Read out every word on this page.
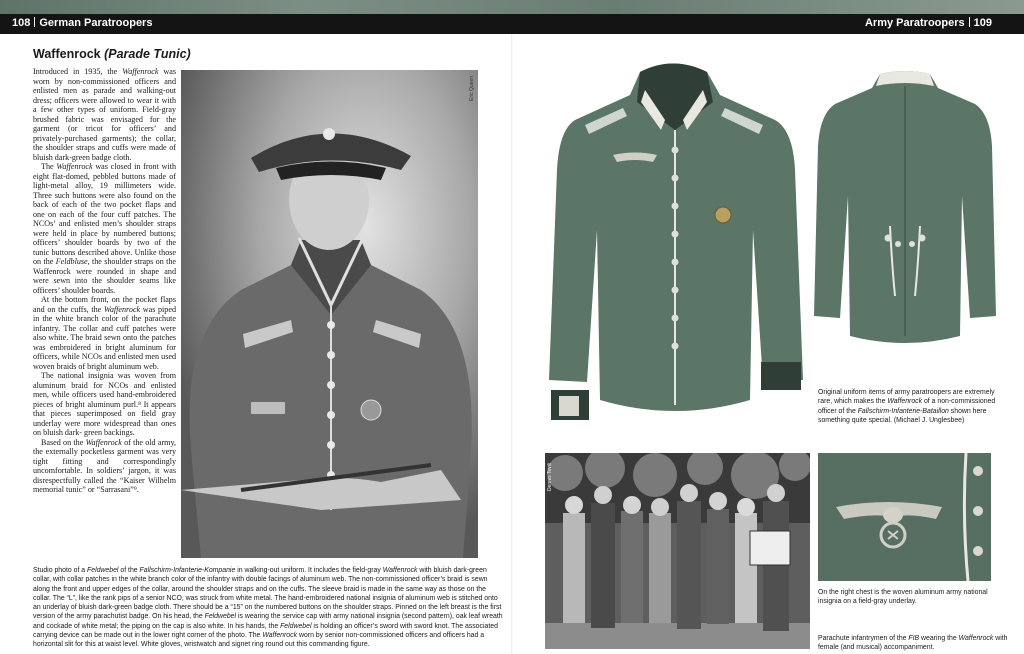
108 German Paratroopers	Army Paratroopers 109
Waffenrock (Parade Tunic)

Introduced in 1935, the Waffenrock was worn by non-commissioned officers and enlisted men as parade and walking-out dress; officers were allowed to wear it with a few other types of uniform. Field-gray brushed fabric was envisaged for the garment (or tricot for officers’ and privately-purchased garments); the collar, the shoulder straps and cuffs were made of bluish dark-green badge cloth.

The Waffenrock was closed in front with eight flat-domed, pebbled buttons made of light-metal alloy, 19 millimeters wide. Three such buttons were also found on the back of each of the two pocket flaps and one on each of the four cuff patches. The NCOs’ and enlisted men’s shoulder straps were held in place by numbered buttons; officers’ shoulder boards by two of the tunic buttons described above. Unlike those on the Feldbluse, the shoulder straps on the Waffenrock were rounded in shape and were sewn into the shoulder seams like officers’ shoulder boards.

At the bottom front, on the pocket flaps and on the cuffs, the Waffenrock was piped in the white branch color of the parachute infantry. The collar and cuff patches were also white. The braid sewn onto the patches was embroidered in bright aluminum for officers, while NCOs and enlisted men used woven braids of bright aluminum web.

The national insignia was woven from aluminum braid for NCOs and enlisted men, while officers used hand-embroidered pieces of bright aluminum purl.⁸ It appears that pieces superimposed on field gray underlay were more widespread than ones on bluish dark- green backings.

Based on the Waffenrock of the old army, the externally pocketless garment was very tight fitting and correspondingly uncomfortable. In soldiers’ jargon, it was disrespectfully called the “Kaiser Wilhelm memorial tunic” or “Sarrasani”⁹.

Eric Queen
Studio photo of a Feldwebel of the Fallschirm-Infanterie-Kompanie in walking-out uniform. It includes the field-gray Waffenrock with bluish dark-green collar, with collar patches in the white branch color of the infantry with double facings of aluminum web. The non-commissioned officer’s braid is sewn along the front and upper edges of the collar, around the shoulder straps and on the cuffs. The sleeve braid is made in the same way as those on the collar. The “L”, like the rank pips of a senior NCO, was struck from white metal. The hand-embroidered national insignia of aluminum web is stitched onto an underlay of bluish dark-green badge cloth. There should be a “15” on the numbered buttons on the shoulder straps. Pinned on the left breast is the first version of the army parachutist badge. On his head, the Feldwebel is wearing the service cap with army national insignia (second pattern), oak leaf wreath and cockade of white metal; the piping on the cap is also white. In his hands, the Feldwebel is holding an officer’s sword with sword knot. The associated carrying device can be made out in the lower right corner of the photo. The Waffenrock worn by senior non-commissioned officers and officers had a horizontal slit for this at waist level. White gloves, wristwatch and signet ring round out this commanding figure.
Original uniform items of army paratroopers are extremely rare, which makes the Waffenrock of a non-commissioned officer of the Fallschirm-Infanterie-Bataillon shown here something quite special. (Michael J. Unglesbee)
Dennis Tevili
On the right chest is the woven aluminum army national insignia on a field-gray underlay.
Parachute infantrymen of the FIB wearing the Waffenrock with female (and musical) accompaniment.
